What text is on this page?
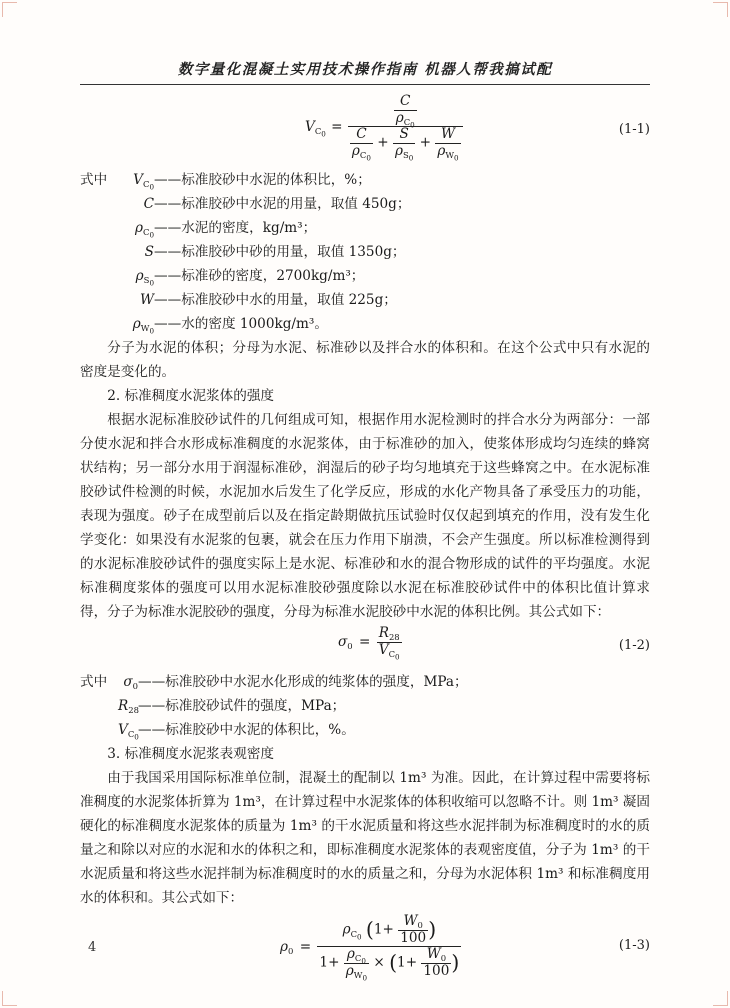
数字量化混凝土实用技术操作指南 机器人帮我搞试配
$V_{C_0}$ =
$\frac{C}{\rho_{C_0}}$
$\frac{C}{\rho_{C_0}} + \frac{S}{\rho_{S_0}} + \frac{W}{\rho_{W_0}}$	(1-1)

式中 $V_{C_0}——$标准胶砂中水泥的体积比，%；

C——标准胶砂中水泥的用量，取值 450g；

$\rho_{C_0}——$水泥的密度，kg/m³；

S——标准胶砂中砂的用量，取值 1350g；

$\rho_{S_0}——$标准砂的密度，2700kg/m³；

W——标准胶砂中水的用量，取值 225g；

$\rho_{W_0}——$水的密度 1000kg/m³。

分子为水泥的体积；分母为水泥、标准砂以及拌合水的体积和。在这个公式中只有水泥的密度是变化的。

2. 标准稠度水泥浆体的强度

根据水泥标准胶砂试件的几何组成可知，根据作用水泥检测时的拌合水分为两部分：一部分使水泥和拌合水形成标准稠度的水泥浆体，由于标准砂的加入，使浆体形成均匀连续的蜂窝状结构；另一部分水用于润湿标准砂，润湿后的砂子均匀地填充于这些蜂窝之中。在水泥标准胶砂试件检测的时候，水泥加水后发生了化学反应，形成的水化产物具备了承受压力的功能，表现为强度。砂子在成型前后以及在指定龄期做抗压试验时仅仅起到填充的作用，没有发生化学变化：如果没有水泥浆的包裹，就会在压力作用下崩溃，不会产生强度。所以标准检测得到的水泥标准胶砂试件的强度实际上是水泥、标准砂和水的混合物形成的试件的平均强度。水泥标准稠度浆体的强度可以用水泥标准胶砂强度除以水泥在标准胶砂试件中的体积比值计算求得，分子为标准水泥胶砂的强度，分母为标准水泥胶砂中水泥的体积比例。其公式如下：

$\sigma_0 = \frac{R_{28}}{V_{C_0}}$	(1-2)

式中 $\sigma_0——$标准胶砂中水泥水化形成的纯浆体的强度，MPa；

$R_{28}——$标准胶砂试件的强度，MPa；

$V_{C_0}——$标准胶砂中水泥的体积比，%。

3. 标准稠度水泥浆表观密度

由于我国采用国际标准单位制，混凝土的配制以 1m³ 为准。因此，在计算过程中需要将标准稠度的水泥浆体折算为 1m³，在计算过程中水泥浆体的体积收缩可以忽略不计。则 1m³ 凝固硬化的标准稠度水泥浆体的质量为 1m³ 的干水泥质量和将这些水泥拌制为标准稠度时的水的质量之和除以对应的水泥和水的体积之和，即标准稠度水泥浆体的表观密度值，分子为 1m³ 的干水泥质量和将这些水泥拌制为标准稠度时的水的质量之和，分母为水泥体积 1m³ 和标准稠度用水的体积和。其公式如下：

$\rho_0$ =
$\rho_{C_0}$ ($1+ \frac{W_0}{100}$ )
$1+ \frac{\rho_{C_0}}{\rho_{W_0}} \times (1+ \frac{W_0}{100}$ )
(1-3)
4
